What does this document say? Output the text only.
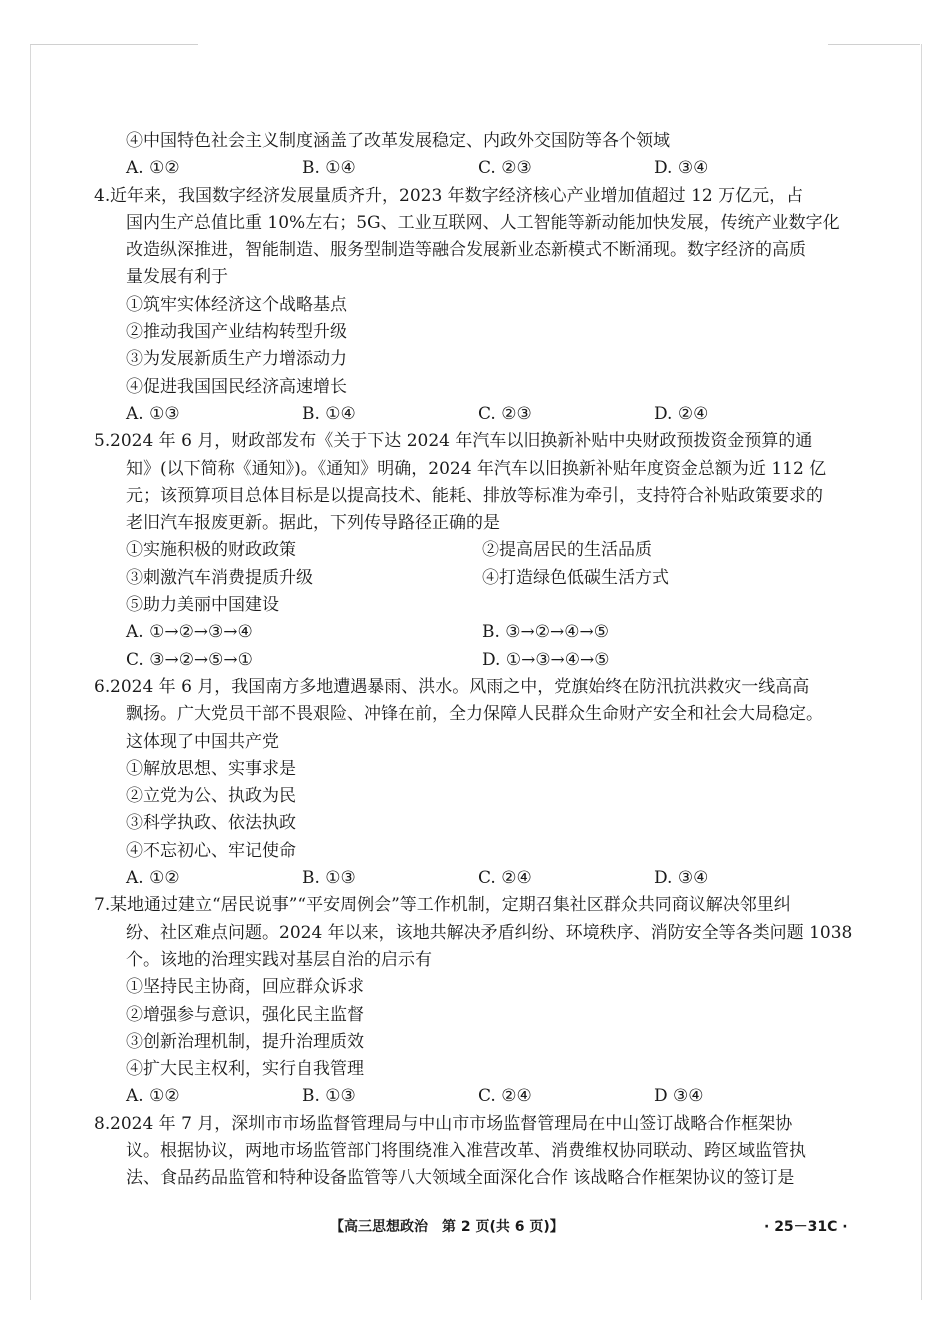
④中国特色社会主义制度涵盖了改革发展稳定、内政外交国防等各个领域
A. ①②	B. ①④	C. ②③	D. ③④
4. 近年来，我国数字经济发展量质齐升，2023 年数字经济核心产业增加值超过 12 万亿元，占
国内生产总值比重 10%左右；5G、工业互联网、人工智能等新动能加快发展，传统产业数字化
改造纵深推进，智能制造、服务型制造等融合发展新业态新模式不断涌现。数字经济的高质
量发展有利于
①筑牢实体经济这个战略基点
②推动我国产业结构转型升级
③为发展新质生产力增添动力
④促进我国国民经济高速增长
A. ①③	B. ①④	C. ②③	D. ②④
5. 2024 年 6 月，财政部发布《关于下达 2024 年汽车以旧换新补贴中央财政预拨资金预算的通
知》(以下简称《通知》)。《通知》明确，2024 年汽车以旧换新补贴年度资金总额为近 112 亿
元；该预算项目总体目标是以提高技术、能耗、排放等标准为牵引，支持符合补贴政策要求的
老旧汽车报废更新。据此，下列传导路径正确的是
①实施积极的财政政策	②提高居民的生活品质
③刺激汽车消费提质升级	④打造绿色低碳生活方式
⑤助力美丽中国建设
A. ①→②→③→④	B. ③→②→④→⑤
C. ③→②→⑤→①	D. ①→③→④→⑤
6. 2024 年 6 月，我国南方多地遭遇暴雨、洪水。风雨之中，党旗始终在防汛抗洪救灾一线高高
飘扬。广大党员干部不畏艰险、冲锋在前，全力保障人民群众生命财产安全和社会大局稳定。
这体现了中国共产党
①解放思想、实事求是
②立党为公、执政为民
③科学执政、依法执政
④不忘初心、牢记使命
A. ①②	B. ①③	C. ②④	D. ③④
7. 某地通过建立“居民说事”“平安周例会”等工作机制，定期召集社区群众共同商议解决邻里纠
纷、社区难点问题。2024 年以来，该地共解决矛盾纠纷、环境秩序、消防安全等各类问题 1038
个。该地的治理实践对基层自治的启示有
①坚持民主协商，回应群众诉求
②增强参与意识，强化民主监督
③创新治理机制，提升治理质效
④扩大民主权利，实行自我管理
A. ①②	B. ①③	C. ②④	D ③④
8. 2024 年 7 月，深圳市市场监督管理局与中山市市场监督管理局在中山签订战略合作框架协
议。根据协议，两地市场监管部门将围绕准入准营改革、消费维权协同联动、跨区域监管执
法、食品药品监管和特种设备监管等八大领域全面深化合作 该战略合作框架协议的签订是
【高三思想政治　第 2 页(共 6 页)】	· 25－31C ·
